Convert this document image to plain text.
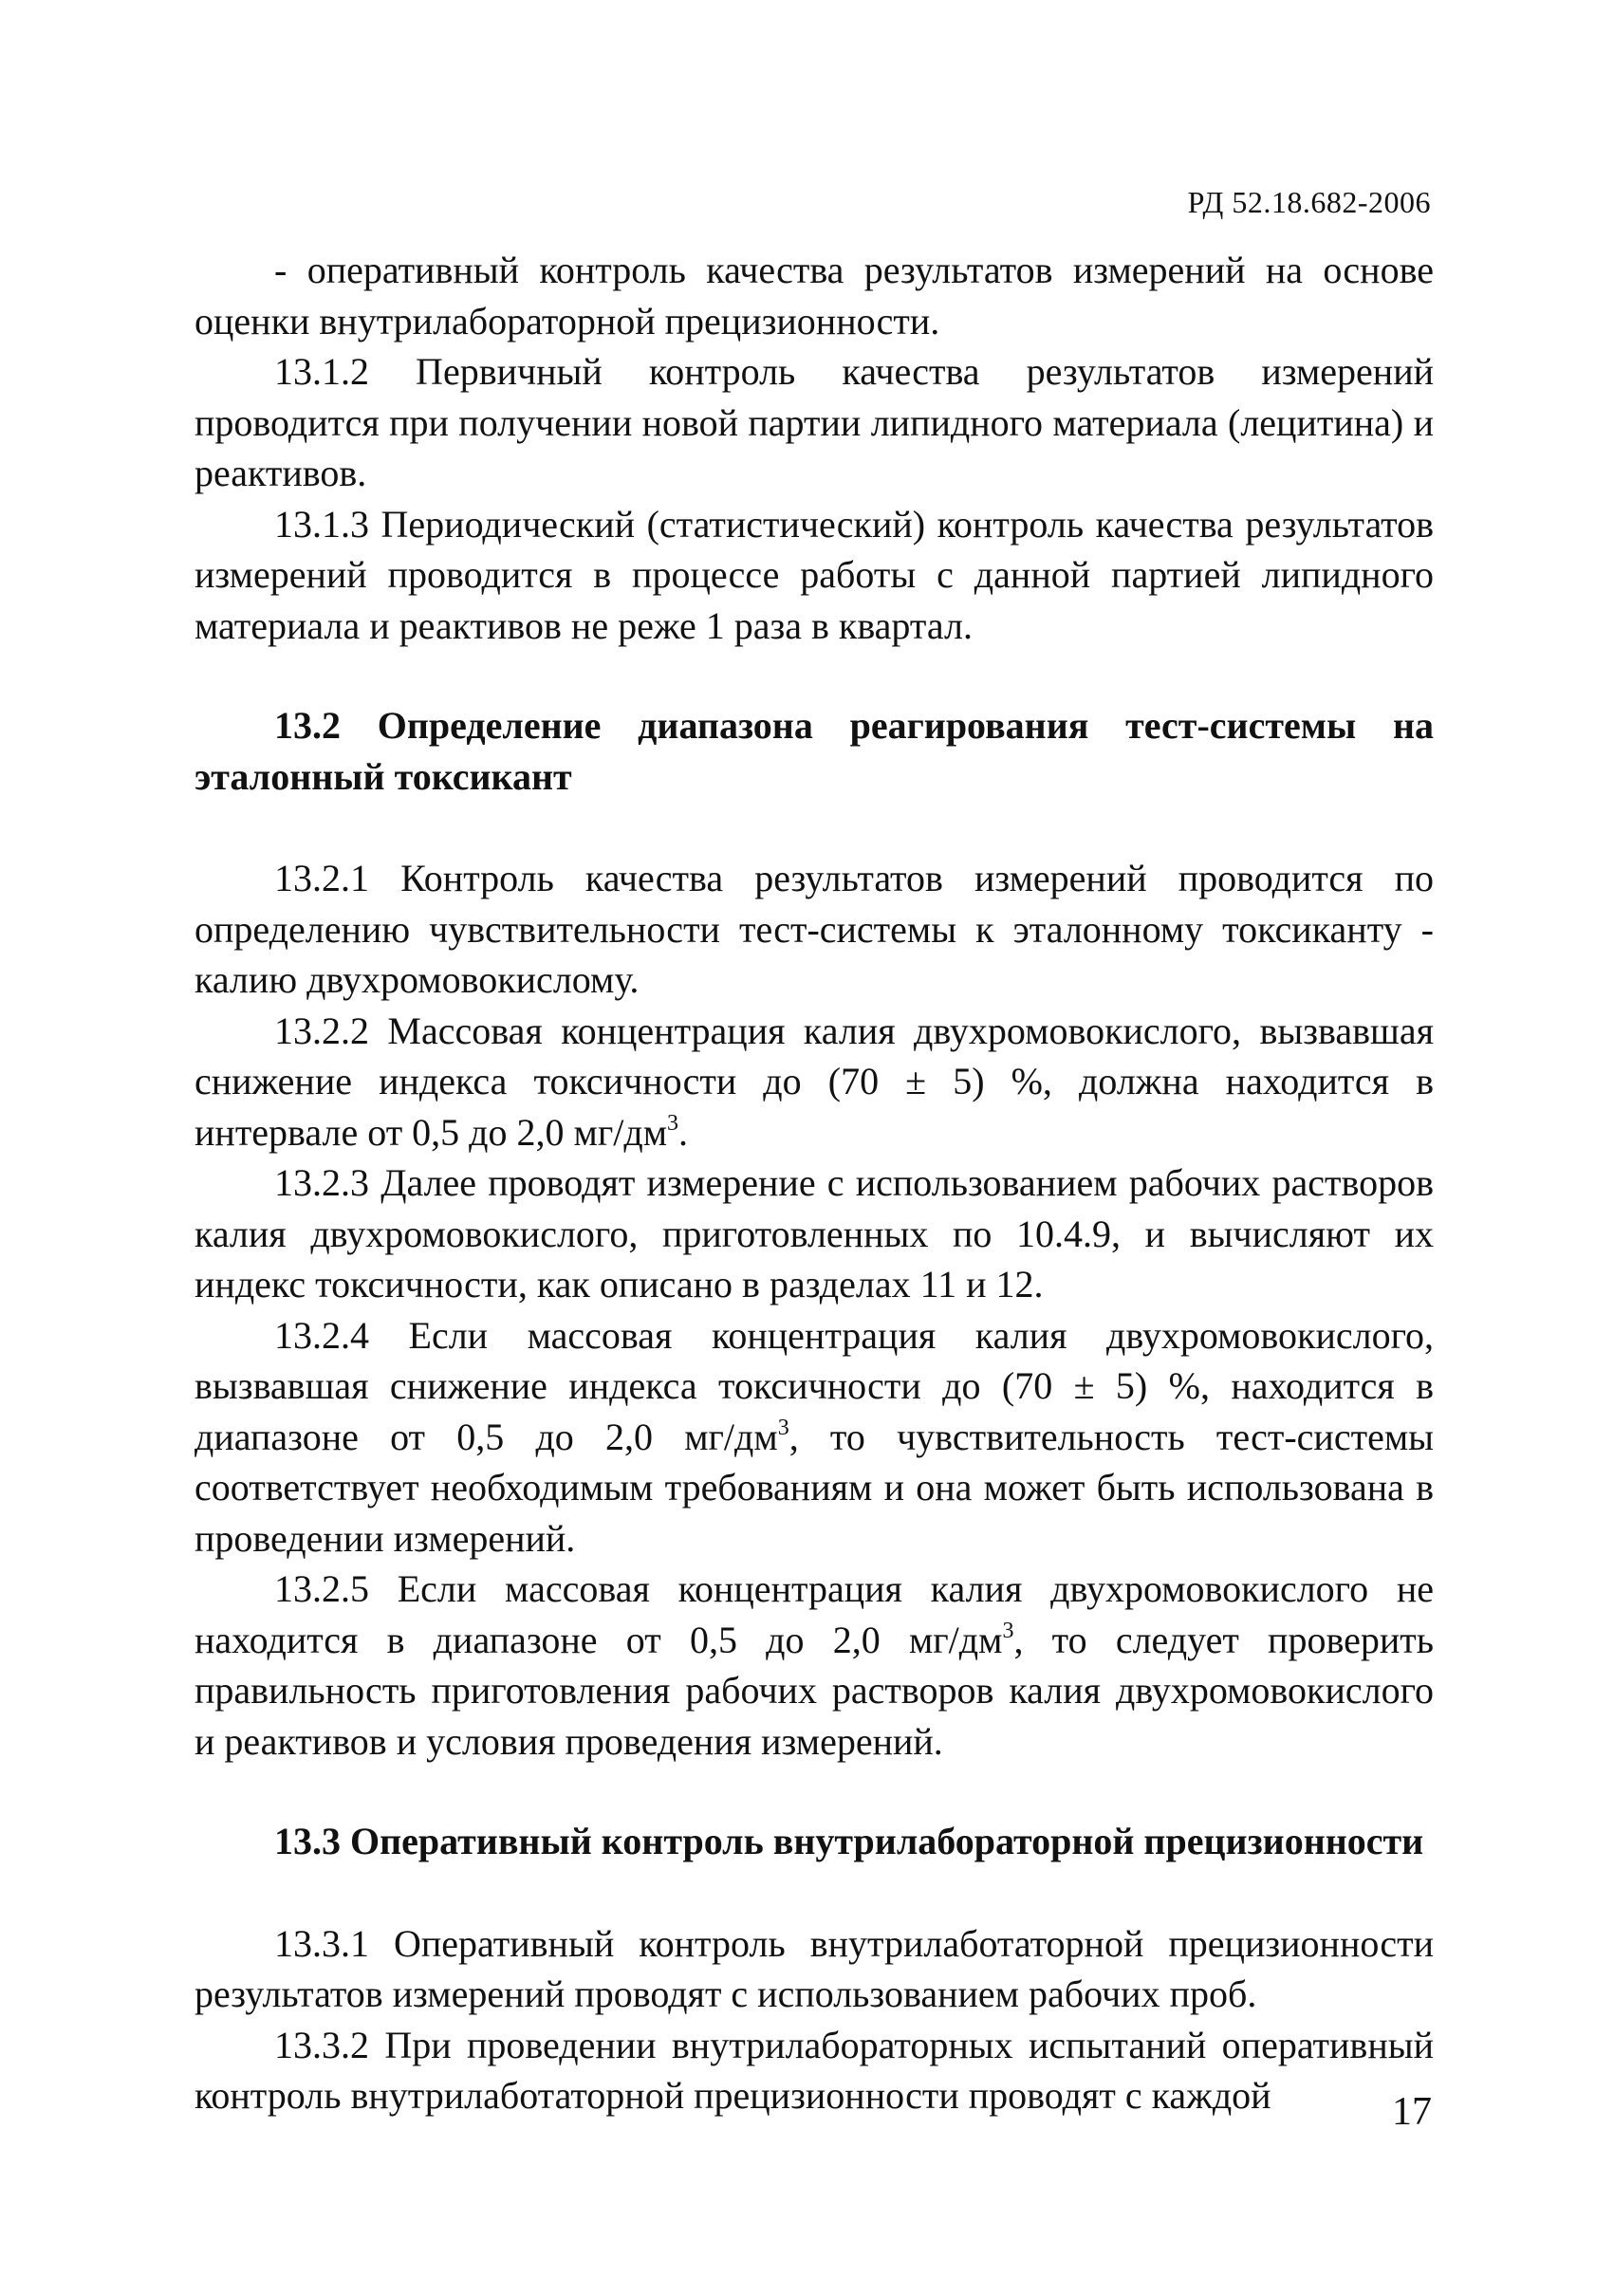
РД 52.18.682-2006

- оперативный контроль качества результатов измерений на основе оценки внутрилабораторной прецизионности.

13.1.2 Первичный контроль качества результатов измерений проводится при получении новой партии липидного материала (лецитина) и реактивов.

13.1.3 Периодический (статистический) контроль качества результатов измерений проводится в процессе работы с данной партией липидного материала и реактивов не реже 1 раза в квартал.

13.2 Определение диапазона реагирования тест-системы на эталонный токсикант

13.2.1 Контроль качества результатов измерений проводится по определению чувствительности тест-системы к эталонному токсиканту - калию двухромовокислому.

13.2.2 Массовая концентрация калия двухромовокислого, вызвавшая снижение индекса токсичности до (70 ± 5) %, должна находится в интервале от 0,5 до 2,0 $мг/дм^3$.

13.2.3 Далее проводят измерение с использованием рабочих растворов калия двухромовокислого, приготовленных по 10.4.9, и вычисляют их индекс токсичности, как описано в разделах 11 и 12.

13.2.4 Если массовая концентрация калия двухромовокислого, вызвавшая снижение индекса токсичности до (70 ± 5) %, находится в диапазоне от 0,5 до 2,0 $мг/дм^3$, то чувствительность тест-системы соответствует необходимым требованиям и она может быть использована в проведении измерений.

13.2.5 Если массовая концентрация калия двухромовокислого не находится в диапазоне от 0,5 до 2,0 $мг/дм^3$, то следует проверить правильность приготовления рабочих растворов калия двухромовокислого и реактивов и условия проведения измерений.

13.3 Оперативный контроль внутрилабораторной прецизионности

13.3.1 Оперативный контроль внутрилаботаторной прецизионности результатов измерений проводят с использованием рабочих проб.

13.3.2 При проведении внутрилабораторных испытаний оперативный контроль внутрилаботаторной прецизионности проводят с каждой	17
